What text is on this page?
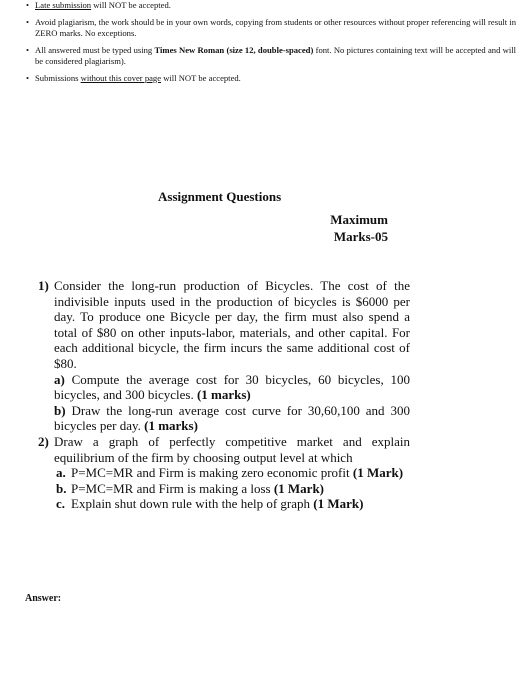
• Late submission will NOT be accepted.
• Avoid plagiarism, the work should be in your own words, copying from students or other resources without proper referencing will result in ZERO marks. No exceptions.
• All answered must be typed using Times New Roman (size 12, double-spaced) font. No pictures containing text will be accepted and will be considered plagiarism).
• Submissions without this cover page will NOT be accepted.
Assignment Questions
Maximum
Marks-05
1) Consider the long-run production of Bicycles. The cost of the indivisible inputs used in the production of bicycles is $6000 per day. To produce one Bicycle per day, the firm must also spend a total of $80 on other inputs-labor, materials, and other capital. For each additional bicycle, the firm incurs the same additional cost of $80.
a) Compute the average cost for 30 bicycles, 60 bicycles, 100 bicycles, and 300 bicycles. (1 marks)
b) Draw the long-run average cost curve for 30,60,100 and 300 bicycles per day. (1 marks)
2) Draw a graph of perfectly competitive market and explain equilibrium of the firm by choosing output level at which
a. P=MC=MR and Firm is making zero economic profit (1 Mark)
b. P=MC=MR and Firm is making a loss (1 Mark)
c. Explain shut down rule with the help of graph (1 Mark)
Answer:
